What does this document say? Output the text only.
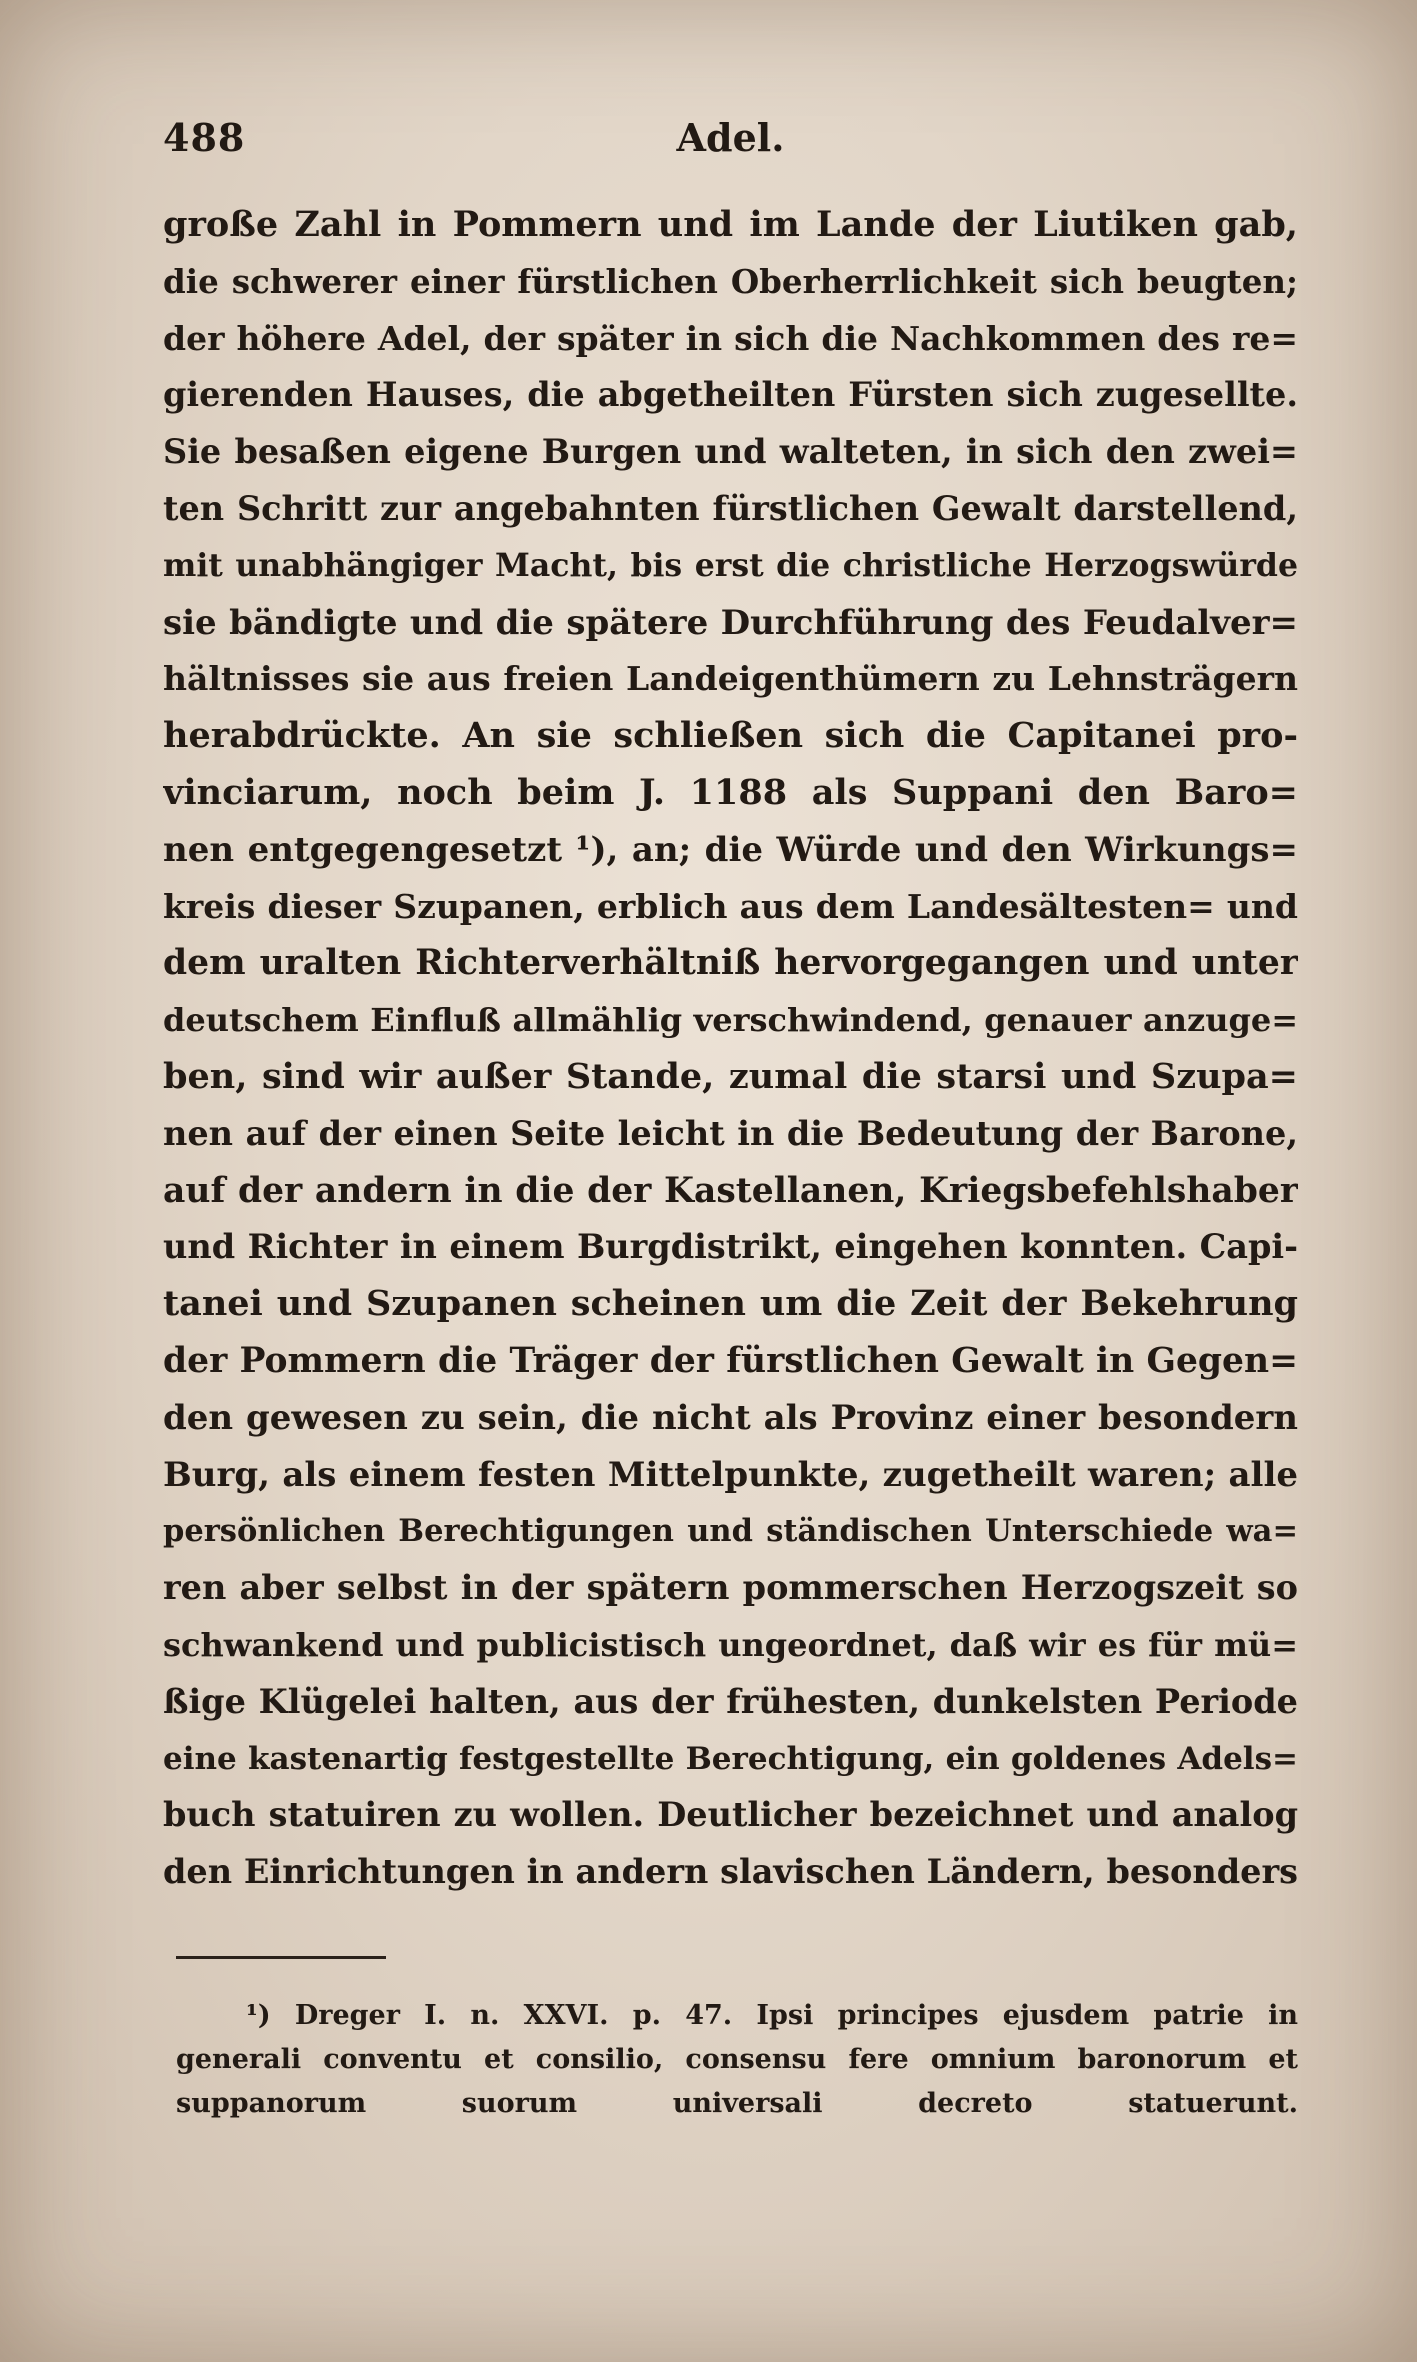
488	Adel.
große Zahl in Pommern und im Lande der Liutiken gab,
die schwerer einer fürstlichen Oberherrlichkeit sich beugten;
der höhere Adel, der später in sich die Nachkommen des re=
gierenden Hauses, die abgetheilten Fürsten sich zugesellte.
Sie besaßen eigene Burgen und walteten, in sich den zwei=
ten Schritt zur angebahnten fürstlichen Gewalt darstellend,
mit unabhängiger Macht, bis erst die christliche Herzogswürde
sie bändigte und die spätere Durchführung des Feudalver=
hältnisses sie aus freien Landeigenthümern zu Lehnsträgern
herabdrückte. An sie schließen sich die Capitanei pro-
vinciarum, noch beim J. 1188 als Suppani den Baro=
nen entgegengesetzt ¹), an; die Würde und den Wirkungs=
kreis dieser Szupanen, erblich aus dem Landesältesten= und
dem uralten Richterverhältniß hervorgegangen und unter
deutschem Einfluß allmählig verschwindend, genauer anzuge=
ben, sind wir außer Stande, zumal die starsi und Szupa=
nen auf der einen Seite leicht in die Bedeutung der Barone,
auf der andern in die der Kastellanen, Kriegsbefehlshaber
und Richter in einem Burgdistrikt, eingehen konnten. Capi-
tanei und Szupanen scheinen um die Zeit der Bekehrung
der Pommern die Träger der fürstlichen Gewalt in Gegen=
den gewesen zu sein, die nicht als Provinz einer besondern
Burg, als einem festen Mittelpunkte, zugetheilt waren; alle
persönlichen Berechtigungen und ständischen Unterschiede wa=
ren aber selbst in der spätern pommerschen Herzogszeit so
schwankend und publicistisch ungeordnet, daß wir es für mü=
ßige Klügelei halten, aus der frühesten, dunkelsten Periode
eine kastenartig festgestellte Berechtigung, ein goldenes Adels=
buch statuiren zu wollen. Deutlicher bezeichnet und analog
den Einrichtungen in andern slavischen Ländern, besonders
¹) Dreger I. n. XXVI. p. 47. Ipsi principes ejusdem patrie in
generali conventu et consilio, consensu fere omnium baronorum et
suppanorum suorum universali decreto statuerunt.
